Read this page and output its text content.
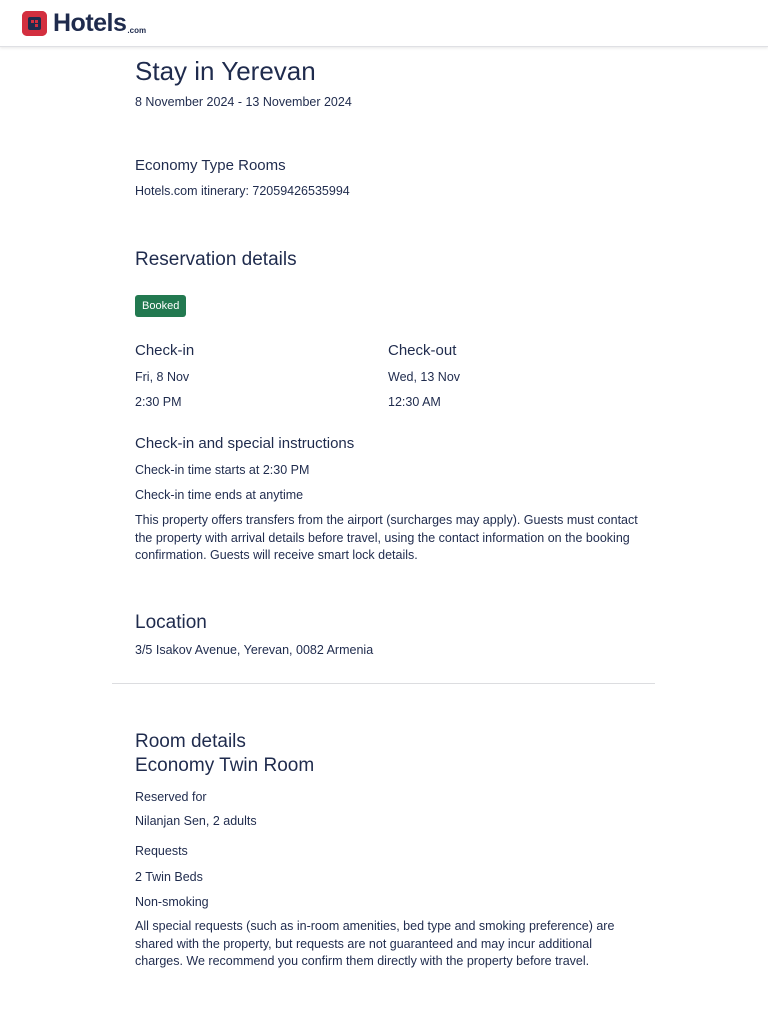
Hotels .com
Stay in Yerevan
8 November 2024 - 13 November 2024
Economy Type Rooms
Hotels.com itinerary: 72059426535994
Reservation details
Booked
Check-in
Fri, 8 Nov
2:30 PM
Check-out
Wed, 13 Nov
12:30 AM
Check-in and special instructions
Check-in time starts at 2:30 PM
Check-in time ends at anytime
This property offers transfers from the airport (surcharges may apply). Guests must contact the property with arrival details before travel, using the contact information on the booking confirmation. Guests will receive smart lock details.
Location
3/5 Isakov Avenue, Yerevan, 0082 Armenia
Room details
Economy Twin Room
Reserved for
Nilanjan Sen, 2 adults
Requests
2 Twin Beds
Non-smoking
All special requests (such as in-room amenities, bed type and smoking preference) are shared with the property, but requests are not guaranteed and may incur additional charges. We recommend you confirm them directly with the property before travel.
